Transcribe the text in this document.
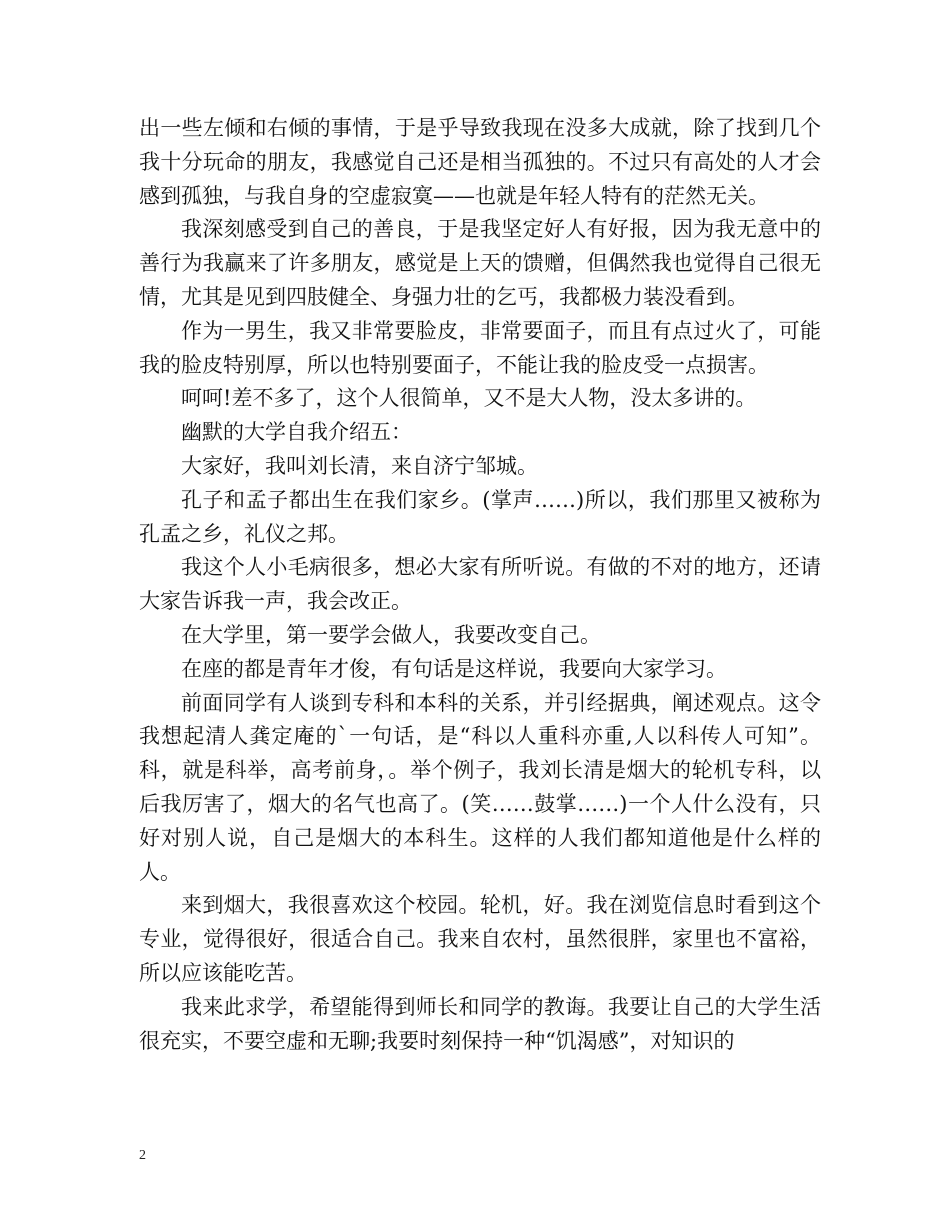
出一些左倾和右倾的事情，于是乎导致我现在没多大成就，除了找到几个我十分玩命的朋友，我感觉自己还是相当孤独的。不过只有高处的人才会感到孤独，与我自身的空虚寂寞——也就是年轻人特有的茫然无关。

我深刻感受到自己的善良，于是我坚定好人有好报，因为我无意中的善行为我赢来了许多朋友，感觉是上天的馈赠，但偶然我也觉得自己很无情，尤其是见到四肢健全、身强力壮的乞丐，我都极力装没看到。

作为一男生，我又非常要脸皮，非常要面子，而且有点过火了，可能我的脸皮特别厚，所以也特别要面子，不能让我的脸皮受一点损害。

呵呵!差不多了，这个人很简单，又不是大人物，没太多讲的。

幽默的大学自我介绍五：

大家好，我叫刘长清，来自济宁邹城。

孔子和孟子都出生在我们家乡。(掌声……)所以，我们那里又被称为孔孟之乡，礼仪之邦。

我这个人小毛病很多，想必大家有所听说。有做的不对的地方，还请大家告诉我一声，我会改正。

在大学里，第一要学会做人，我要改变自己。

在座的都是青年才俊，有句话是这样说，我要向大家学习。

前面同学有人谈到专科和本科的关系，并引经据典，阐述观点。这令我想起清人龚定庵的`一句话，是“科以人重科亦重,人以科传人可知”。科，就是科举，高考前身，。举个例子，我刘长清是烟大的轮机专科，以后我厉害了，烟大的名气也高了。(笑……鼓掌……)一个人什么没有，只好对别人说，自己是烟大的本科生。这样的人我们都知道他是什么样的人。

来到烟大，我很喜欢这个校园。轮机，好。我在浏览信息时看到这个专业，觉得很好，很适合自己。我来自农村，虽然很胖，家里也不富裕，所以应该能吃苦。

我来此求学，希望能得到师长和同学的教诲。我要让自己的大学生活很充实，不要空虚和无聊;我要时刻保持一种“饥渴感”，对知识的

2
